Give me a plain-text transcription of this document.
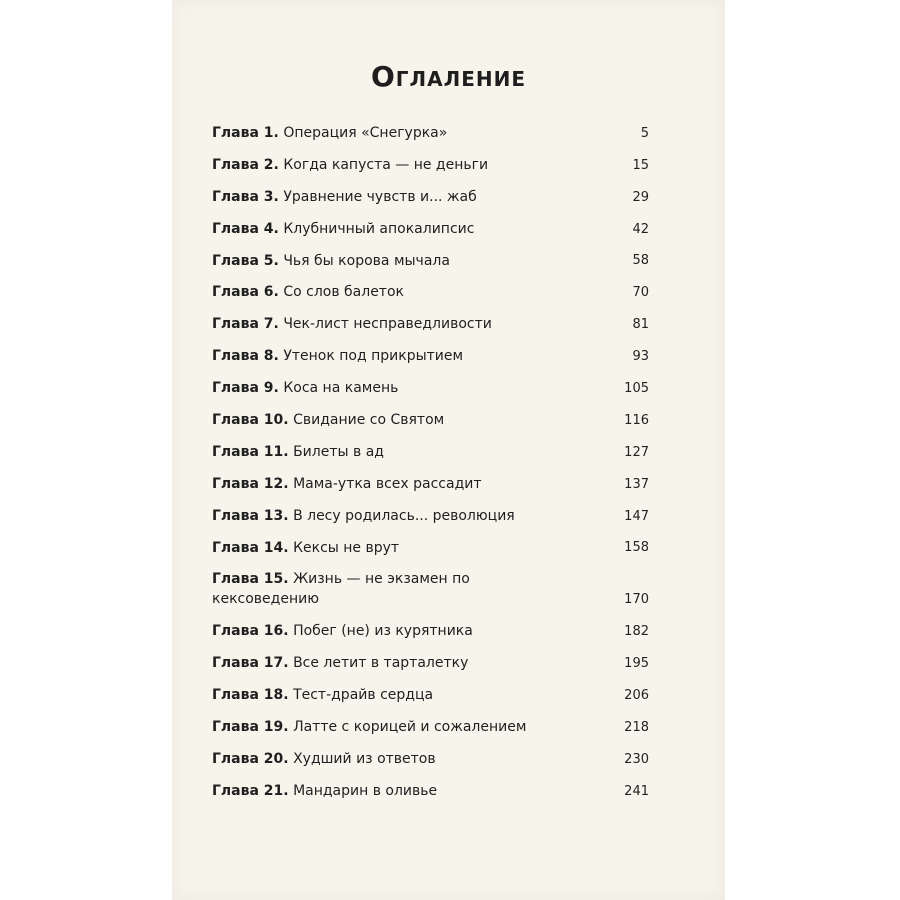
Оглаление
Глава 1. Операция «Снегурка»	5
Глава 2. Когда капуста — не деньги	15
Глава 3. Уравнение чувств и... жаб	29
Глава 4. Клубничный апокалипсис	42
Глава 5. Чья бы корова мычала	58
Глава 6. Со слов балеток	70
Глава 7. Чек-лист несправедливости	81
Глава 8. Утенок под прикрытием	93
Глава 9. Коса на камень	105
Глава 10. Свидание со Святом	116
Глава 11. Билеты в ад	127
Глава 12. Мама-утка всех рассадит	137
Глава 13. В лесу родилась... революция	147
Глава 14. Кексы не врут	158
Глава 15. Жизнь — не экзамен по кексоведению	170
Глава 16. Побег (не) из курятника	182
Глава 17. Все летит в тарталетку	195
Глава 18. Тест-драйв сердца	206
Глава 19. Латте с корицей и сожалением	218
Глава 20. Худший из ответов	230
Глава 21. Мандарин в оливье	241
